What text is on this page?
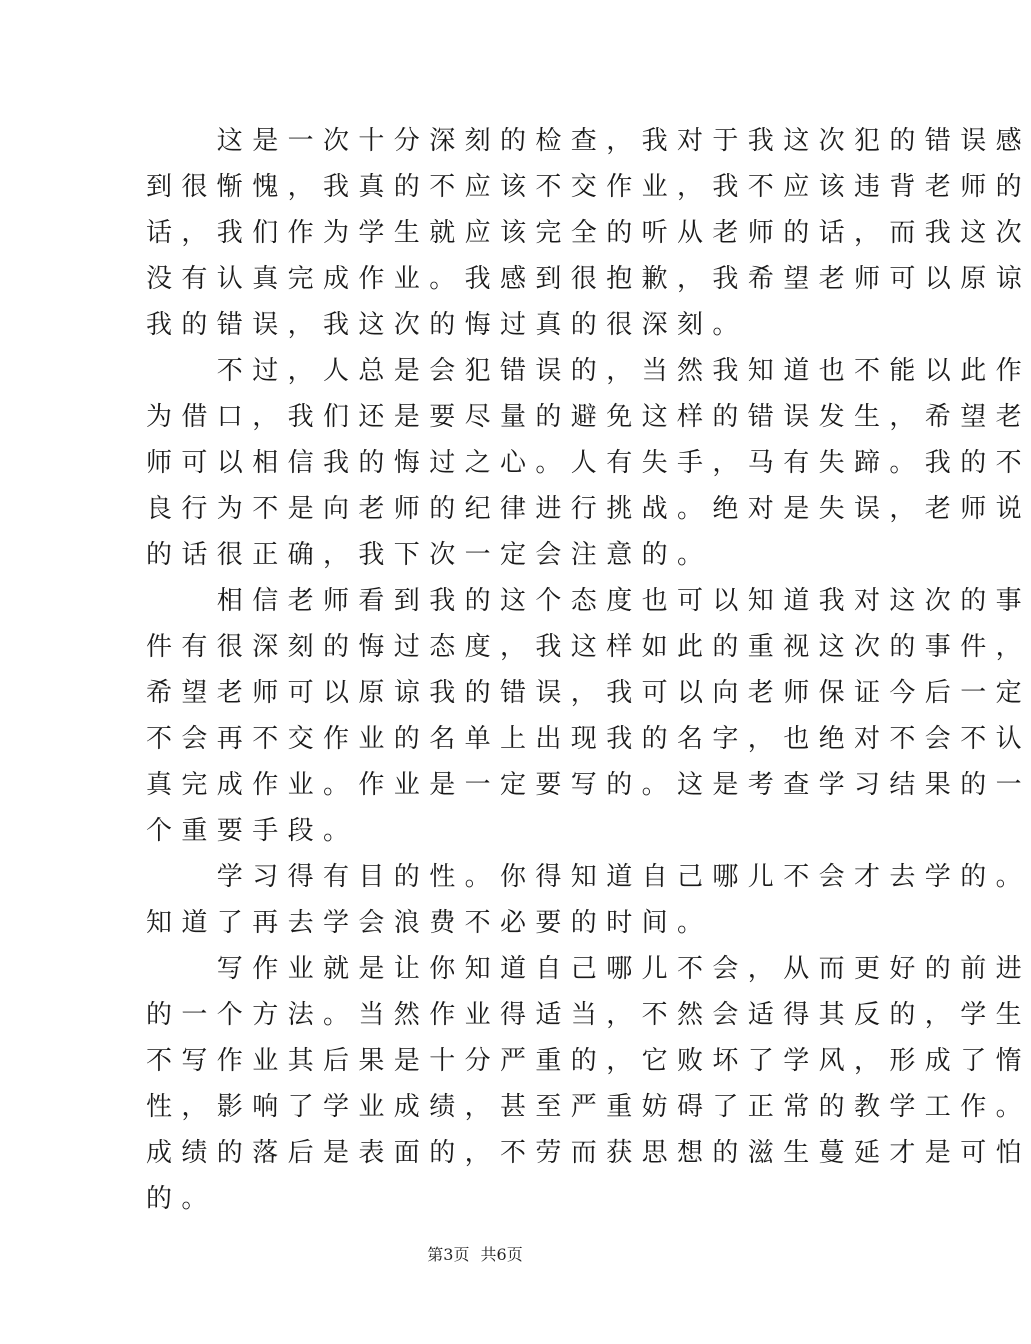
　　这是一次十分深刻的检查，我对于我这次犯的错误感
到很惭愧，我真的不应该不交作业，我不应该违背老师的
话，我们作为学生就应该完全的听从老师的话，而我这次
没有认真完成作业。我感到很抱歉，我希望老师可以原谅
我的错误，我这次的悔过真的很深刻。
　　不过，人总是会犯错误的，当然我知道也不能以此作
为借口，我们还是要尽量的避免这样的错误发生，希望老
师可以相信我的悔过之心。人有失手，马有失蹄。我的不
良行为不是向老师的纪律进行挑战。绝对是失误，老师说
的话很正确，我下次一定会注意的。
　　相信老师看到我的这个态度也可以知道我对这次的事
件有很深刻的悔过态度，我这样如此的重视这次的事件，
希望老师可以原谅我的错误，我可以向老师保证今后一定
不会再不交作业的名单上出现我的名字，也绝对不会不认
真完成作业。作业是一定要写的。这是考查学习结果的一
个重要手段。
　　学习得有目的性。你得知道自己哪儿不会才去学的。
知道了再去学会浪费不必要的时间。
　　写作业就是让你知道自己哪儿不会，从而更好的前进
的一个方法。当然作业得适当，不然会适得其反的，学生
不写作业其后果是十分严重的，它败坏了学风，形成了惰
性，影响了学业成绩，甚至严重妨碍了正常的教学工作。
成绩的落后是表面的，不劳而获思想的滋生蔓延才是可怕
的。
第3页 共6页
